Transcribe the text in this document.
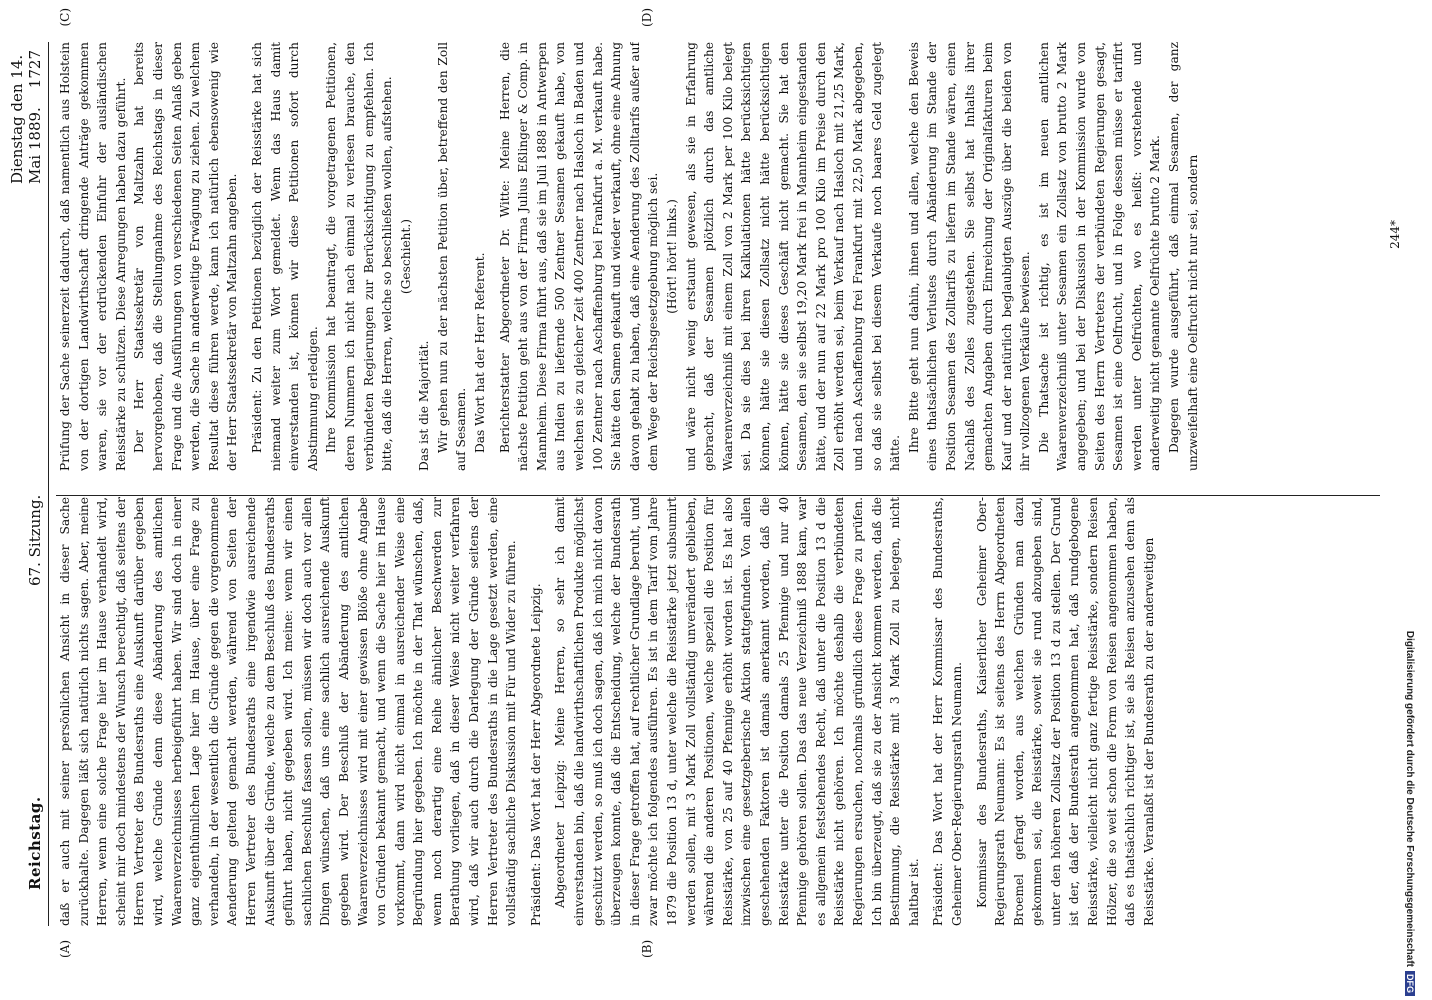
Reichstag.
67. Sitzung.
Dienstag den 14. Mai 1889.
1727
(A)	(B)
(C)	(D)

daß er auch mit seiner persönlichen Ansicht in dieser Sache zurückhalte. Dagegen läßt sich natürlich nichts sagen. Aber, meine Herren, wenn eine solche Frage hier im Hause verhandelt wird, scheint mir doch mindestens der Wunsch berechtigt, daß seitens der Herren Vertreter des Bundesraths eine Auskunft darüber gegeben wird, welche Gründe denn diese Abänderung des amtlichen Waarenverzeichnisses herbeigeführt haben. Wir sind doch in einer ganz eigenthümlichen Lage hier im Hause, über eine Frage zu verhandeln, in der wesentlich die Gründe gegen die vorgenommene Aenderung geltend gemacht werden, während von Seiten der Herren Vertreter des Bundesraths eine irgendwie ausreichende Auskunft über die Gründe, welche zu dem Beschluß des Bundesraths geführt haben, nicht gegeben wird. Ich meine: wenn wir einen sachlichen Beschluß fassen sollen, müssen wir doch auch vor allen Dingen wünschen, daß uns eine sachlich ausreichende Auskunft gegeben wird. Der Beschluß der Abänderung des amtlichen Waarenverzeichnisses wird mit einer gewissen Blöße ohne Angabe von Gründen bekannt gemacht, und wenn die Sache hier im Hause vorkommt, dann wird nicht einmal in ausreichender Weise eine Begründung hier gegeben. Ich möchte in der That wünschen, daß, wenn noch derartig eine Reihe ähnlicher Beschwerden zur Berathung vorliegen, daß in dieser Weise nicht weiter verfahren wird, daß wir auch durch die Darlegung der Gründe seitens der Herren Vertreter des Bundesraths in die Lage gesetzt werden, eine vollständig sachliche Diskussion mit Für und Wider zu führen. Präsident: Das Wort hat der Herr Abgeordnete Leipzig. Abgeordneter Leipzig: Meine Herren, so sehr ich damit einverstanden bin, daß die landwirthschaftlichen Produkte möglichst geschützt werden, so muß ich doch sagen, daß ich mich nicht davon überzeugen konnte, daß die Entscheidung, welche der Bundesrath in dieser Frage getroffen hat, auf rechtlicher Grundlage beruht, und zwar möchte ich folgendes ausführen. Es ist in dem Tarif vom Jahre 1879 die Position 13 d, unter welche die Reisstärke jetzt subsumirt werden sollen, mit 3 Mark Zoll vollständig unverändert geblieben, während die anderen Positionen, welche speziell die Position für Reisstärke, von 25 auf 40 Pfennige erhöht worden ist. Es hat also inzwischen eine gesetzgeberische Aktion stattgefunden. Von allen geschehenden Faktoren ist damals anerkannt worden, daß die Reisstärke unter die Position damals 25 Pfennige und nur 40 Pfennige gehören sollen. Das das neue Verzeichniß 1888 kam, war es allgemein feststehendes Recht, daß unter die Position 13 d die Reisstärke nicht gehören. Ich möchte deshalb die verbündeten Regierungen ersuchen, nochmals gründlich diese Frage zu prüfen. Ich bin überzeugt, daß sie zu der Ansicht kommen werden, daß die Bestimmung, die Reisstärke mit 3 Mark Zoll zu belegen, nicht haltbar ist. Präsident: Das Wort hat der Herr Kommissar des Bundesraths, Geheimer Ober-Regierungsrath Neumann. Kommissar des Bundesraths, Kaiserlicher Geheimer Ober-Regierungsrath Neumann: Es ist seitens des Herrn Abgeordneten Broemel gefragt worden, aus welchen Gründen man dazu gekommen sei, die Reisstärke, soweit sie rund abzugeben sind, unter den höheren Zollsatz der Position 13 d zu stellen. Der Grund ist der, daß der Bundesrath angenommen hat, daß rundgebogene Reisstärke, vielleicht nicht ganz fertige Reisstärke, sondern Reisen Hölzer, die so weit schon die Form von Reisen angenommen haben, daß es thatsächlich richtiger ist, sie als Reisen anzusehen denn als Reisstärke. Veranlaßt ist der Bundesrath zu der anderweitigen

Prüfung der Sache seinerzeit dadurch, daß namentlich aus Holstein von der dortigen Landwirthschaft dringende Anträge gekommen waren, sie vor der erdrückenden Einfuhr der ausländischen Reisstärke zu schützen. Diese Anregungen haben dazu geführt. Der Herr Staatssekretär von Maltzahn hat bereits hervorgehoben, daß die Stellungnahme des Reichstags in dieser Frage und die Ausführungen von verschiedenen Seiten Anlaß geben werden, die Sache in anderweitige Erwägung zu ziehen. Zu welchem Resultat diese führen werde, kann ich natürlich ebensowenig wie der Herr Staatssekretär von Maltzahn angeben. Präsident: Zu den Petitionen bezüglich der Reisstärke hat sich niemand weiter zum Wort gemeldet. Wenn das Haus damit einverstanden ist, können wir diese Petitionen sofort durch Abstimmung erledigen. Ihre Kommission hat beantragt, die vorgetragenen Petitionen, deren Nummern ich nicht nach einmal zu verlesen brauche, den verbündeten Regierungen zur Berücksichtigung zu empfehlen. Ich bitte, daß die Herren, welche so beschließen wollen, aufstehen. (Geschieht.)

Das ist die Majorität. Wir gehen nun zu der nächsten Petition über, betreffend den Zoll auf Sesamen. Das Wort hat der Herr Referent. Berichterstatter Abgeordneter Dr. Witte: Meine Herren, die nächste Petition geht aus von der Firma Julius Eßlinger & Comp. in Mannheim. Diese Firma führt aus, daß sie im Juli 1888 in Antwerpen aus Indien zu liefernde 500 Zentner Sesamen gekauft habe, von welchen sie zu gleicher Zeit 400 Zentner nach Hasloch in Baden und 100 Zentner nach Aschaffenburg bei Frankfurt a. M. verkauft habe. Sie hätte den Samen gekauft und wieder verkauft, ohne eine Ahnung davon gehabt zu haben, daß eine Aenderung des Zolltarifs außer auf dem Wege der Reichsgesetzgebung möglich sei. (Hört! hört! links.) und wäre nicht wenig erstaunt gewesen, als sie in Erfahrung gebracht, daß der Sesamen plötzlich durch das amtliche Waarenverzeichniß mit einem Zoll von 2 Mark per 100 Kilo belegt sei. Da sie dies bei ihren Kalkulationen hätte berücksichtigen können, hätte sie diesen Zollsatz nicht hätte berücksichtigen können, hätte sie dieses Geschäft nicht gemacht. Sie hat den Sesamen, den sie selbst 19,20 Mark frei in Mannheim eingestanden hätte, und der nun auf 22 Mark pro 100 Kilo im Preise durch den Zoll erhöht werden sei, beim Verkauf nach Hasloch mit 21,25 Mark, und nach Aschaffenburg frei Frankfurt mit 22,50 Mark abgegeben, so daß sie selbst bei diesem Verkaufe noch baares Geld zugelegt hätte. Ihre Bitte geht nun dahin, ihnen und allen, welche den Beweis eines thatsächlichen Verlustes durch Abänderung im Stande der Position Sesamen des Zolltarifs zu liefern im Stande wären, einen Nachlaß des Zolles zugestehen. Sie selbst hat Inhalts ihrer gemachten Angaben durch Einreichung der Originalfakturen beim Kauf und der natürlich beglaubigten Auszüge über die beiden von ihr vollzogenen Verkäufe bewiesen. Die Thatsache ist richtig, es ist im neuen amtlichen Waarenverzeichniß unter Sesamen ein Zollsatz von brutto 2 Mark angegeben; und bei der Diskussion in der Kommission wurde von Seiten des Herrn Vertreters der verbündeten Regierungen gesagt, Sesamen ist eine Oelfrucht, und in Folge dessen müsse er tarifirt werden unter Oelfrüchten, wo es heißt: vorstehende und anderweitig nicht genannte Oelfrüchte brutto 2 Mark. Dagegen wurde ausgeführt, daß einmal Sesamen, der ganz unzweifelhaft eine Oelfrucht nicht nur sei, sondern	244*
Digitalisierung gefördert durch die Deutsche ForschungsgemeinschaftDFG
